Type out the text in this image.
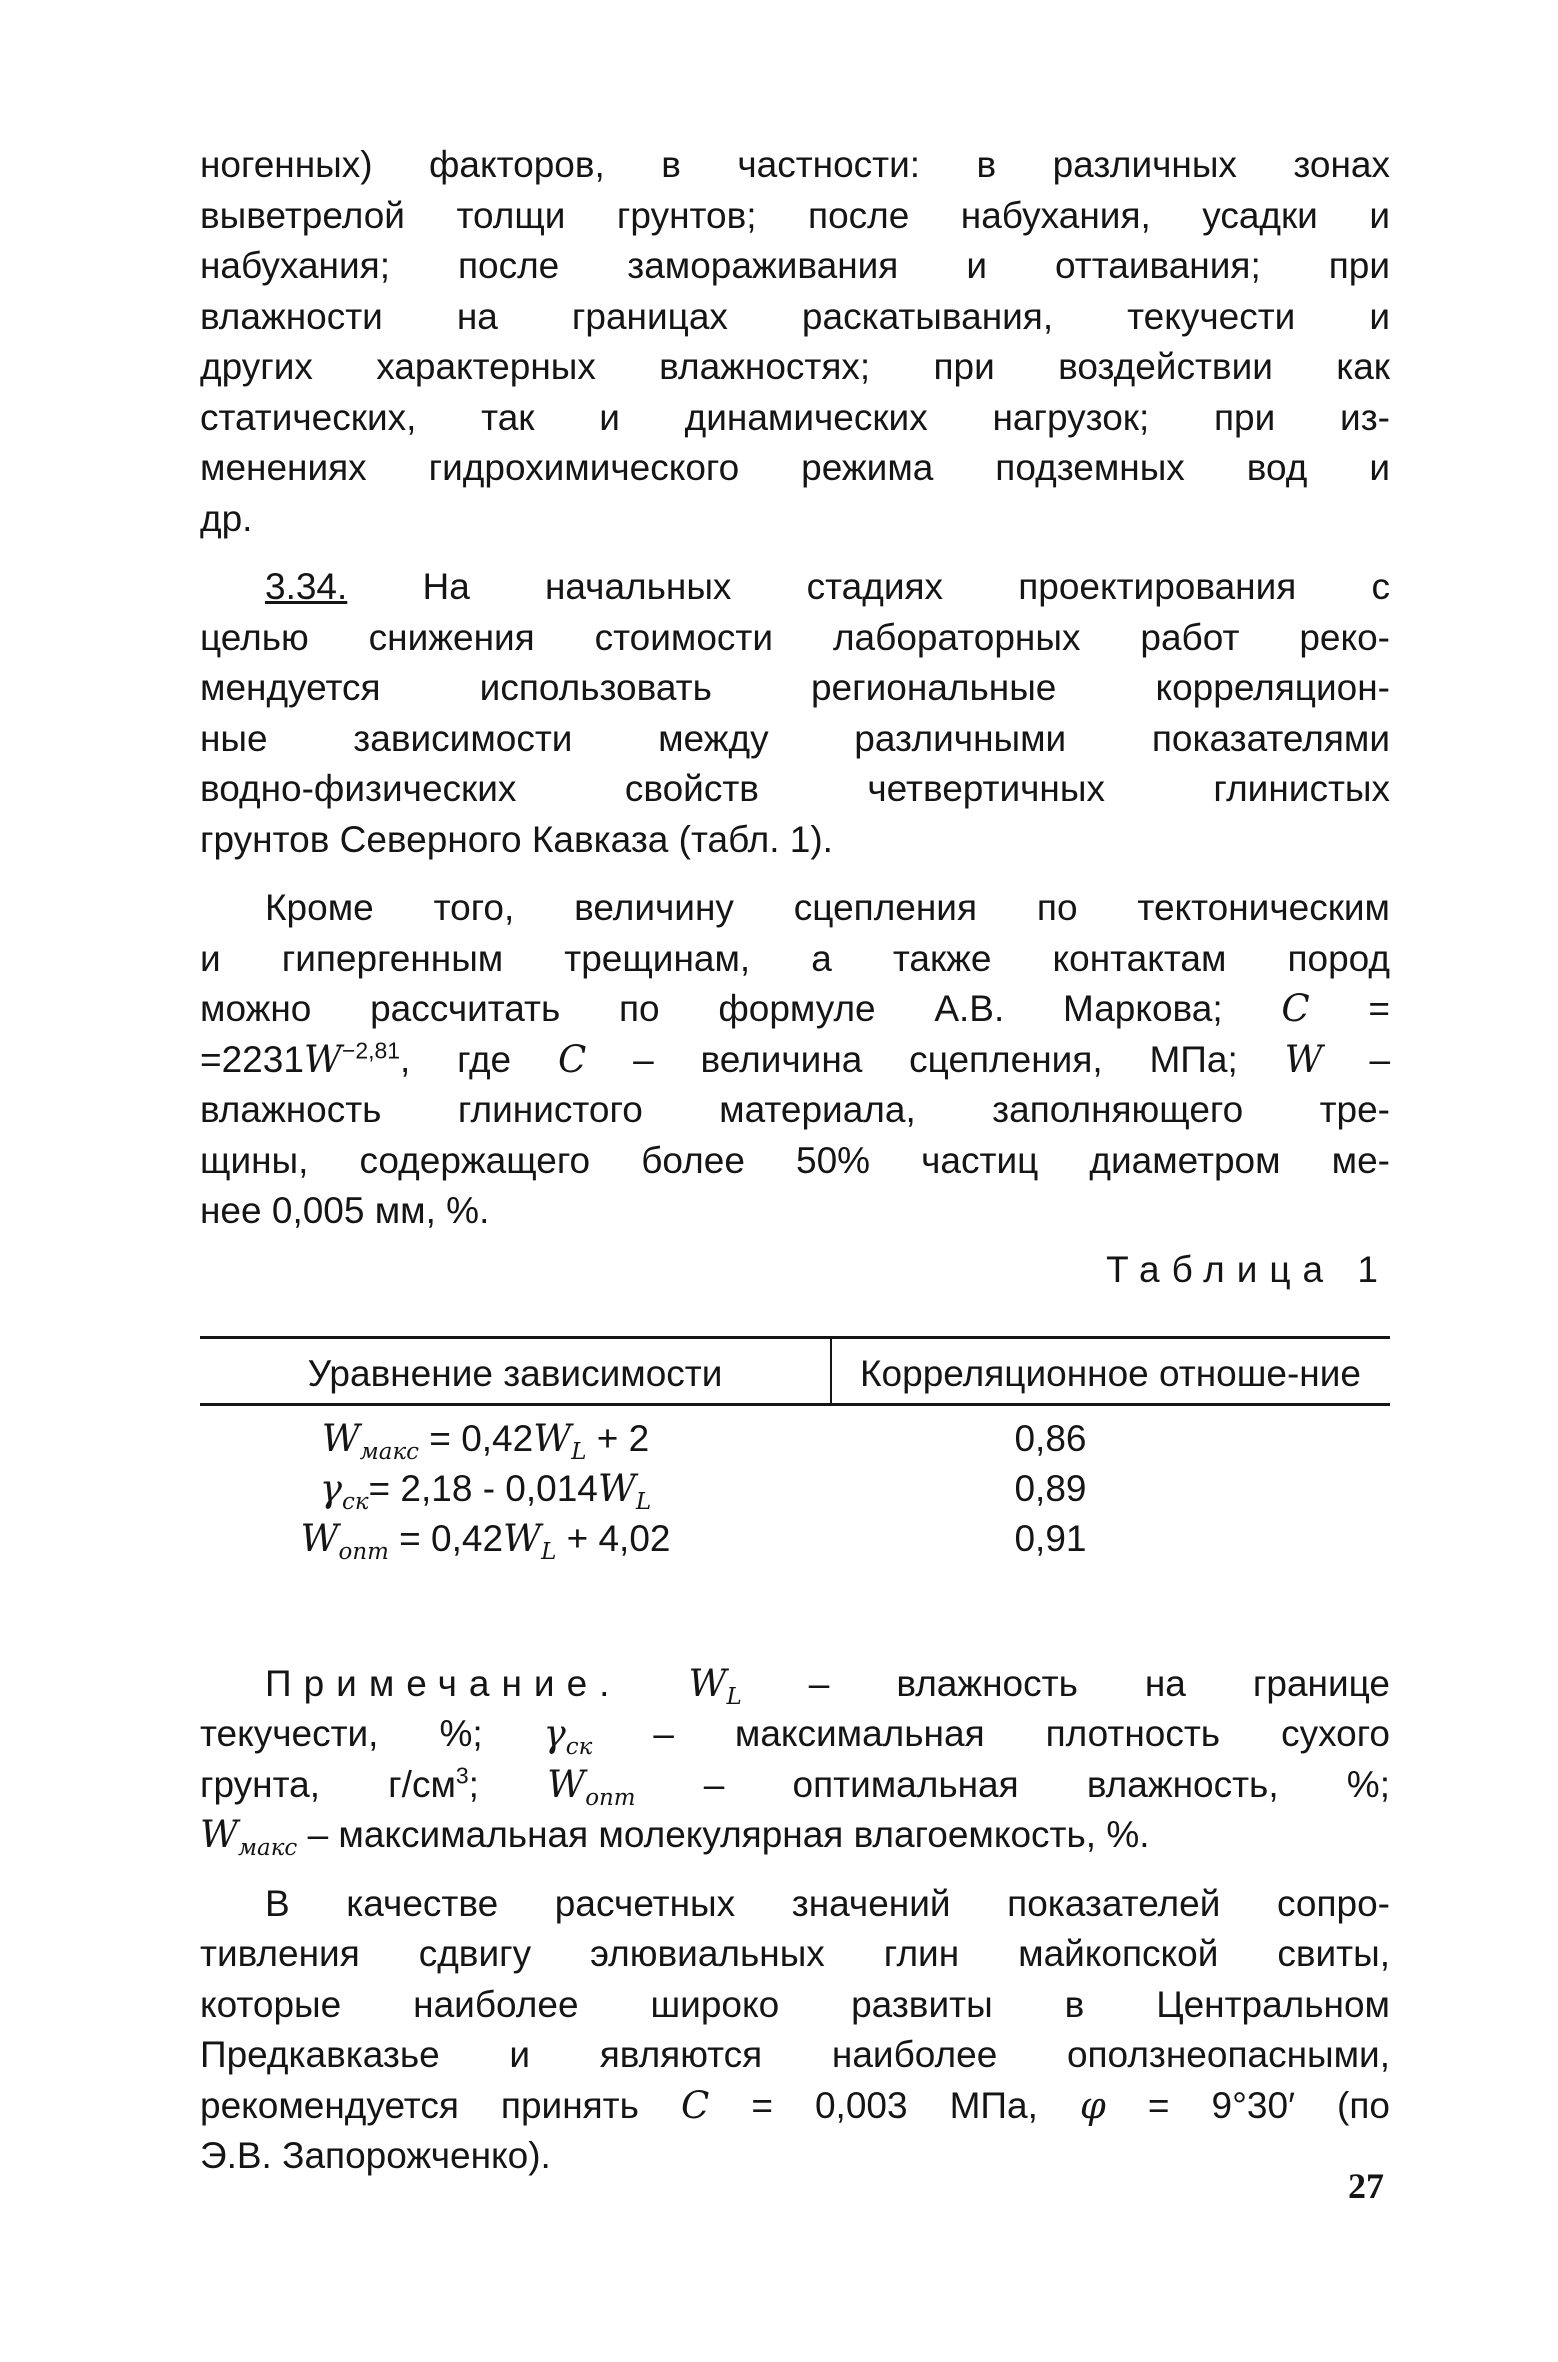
ногенных) факторов, в частности: в различных зонах
выветрелой толщи грунтов; после набухания, усадки и
набухания; после замораживания и оттаивания; при
влажности на границах раскатывания, текучести и
других характерных влажностях; при воздействии как
статических, так и динамических нагрузок; при из-
менениях гидрохимического режима подземных вод и
др.

3.34. На начальных стадиях проектирования с
целью снижения стоимости лабораторных работ реко-
мендуется использовать региональные корреляцион-
ные зависимости между различными показателями
водно-физических свойств четвертичных глинистых
грунтов Северного Кавказа (табл. 1).

Кроме того, величину сцепления по тектоническим
и гипергенным трещинам, а также контактам пород
можно рассчитать по формуле А.В. Маркова; C =
$=2231W^{-2,81}$, где C – величина сцепления, МПа; W –
влажность глинистого материала, заполняющего тре-
щины, содержащего более 50% частиц диаметром ме-
нее 0,005 мм, %.

Таблица 1
Уравнение зависимости	Корреляционное отноше-ние
$W_{макс} = 0,42W_L + 2$	0,86
$\gamma_{ск}= 2,18 - 0,014W_L$	0,89
$W_{опт} = 0,42W_L + 4,02$	0,91

Примечание. $W_L$ – влажность на границе
текучести, %; $\gamma_{ск}$ – максимальная плотность сухого
грунта, $г/см^3$; $W_{опт}$ – оптимальная влажность, %;
$W_{макс}$ – максимальная молекулярная влагоемкость, %.

В качестве расчетных значений показателей сопро-
тивления сдвигу элювиальных глин майкопской свиты,
которые наиболее широко развиты в Центральном
Предкавказье и являются наиболее оползнеопасными,
рекомендуется принять C = 0,003 МПа, φ = 9°30′ (по
Э.В. Запорожченко).

27
